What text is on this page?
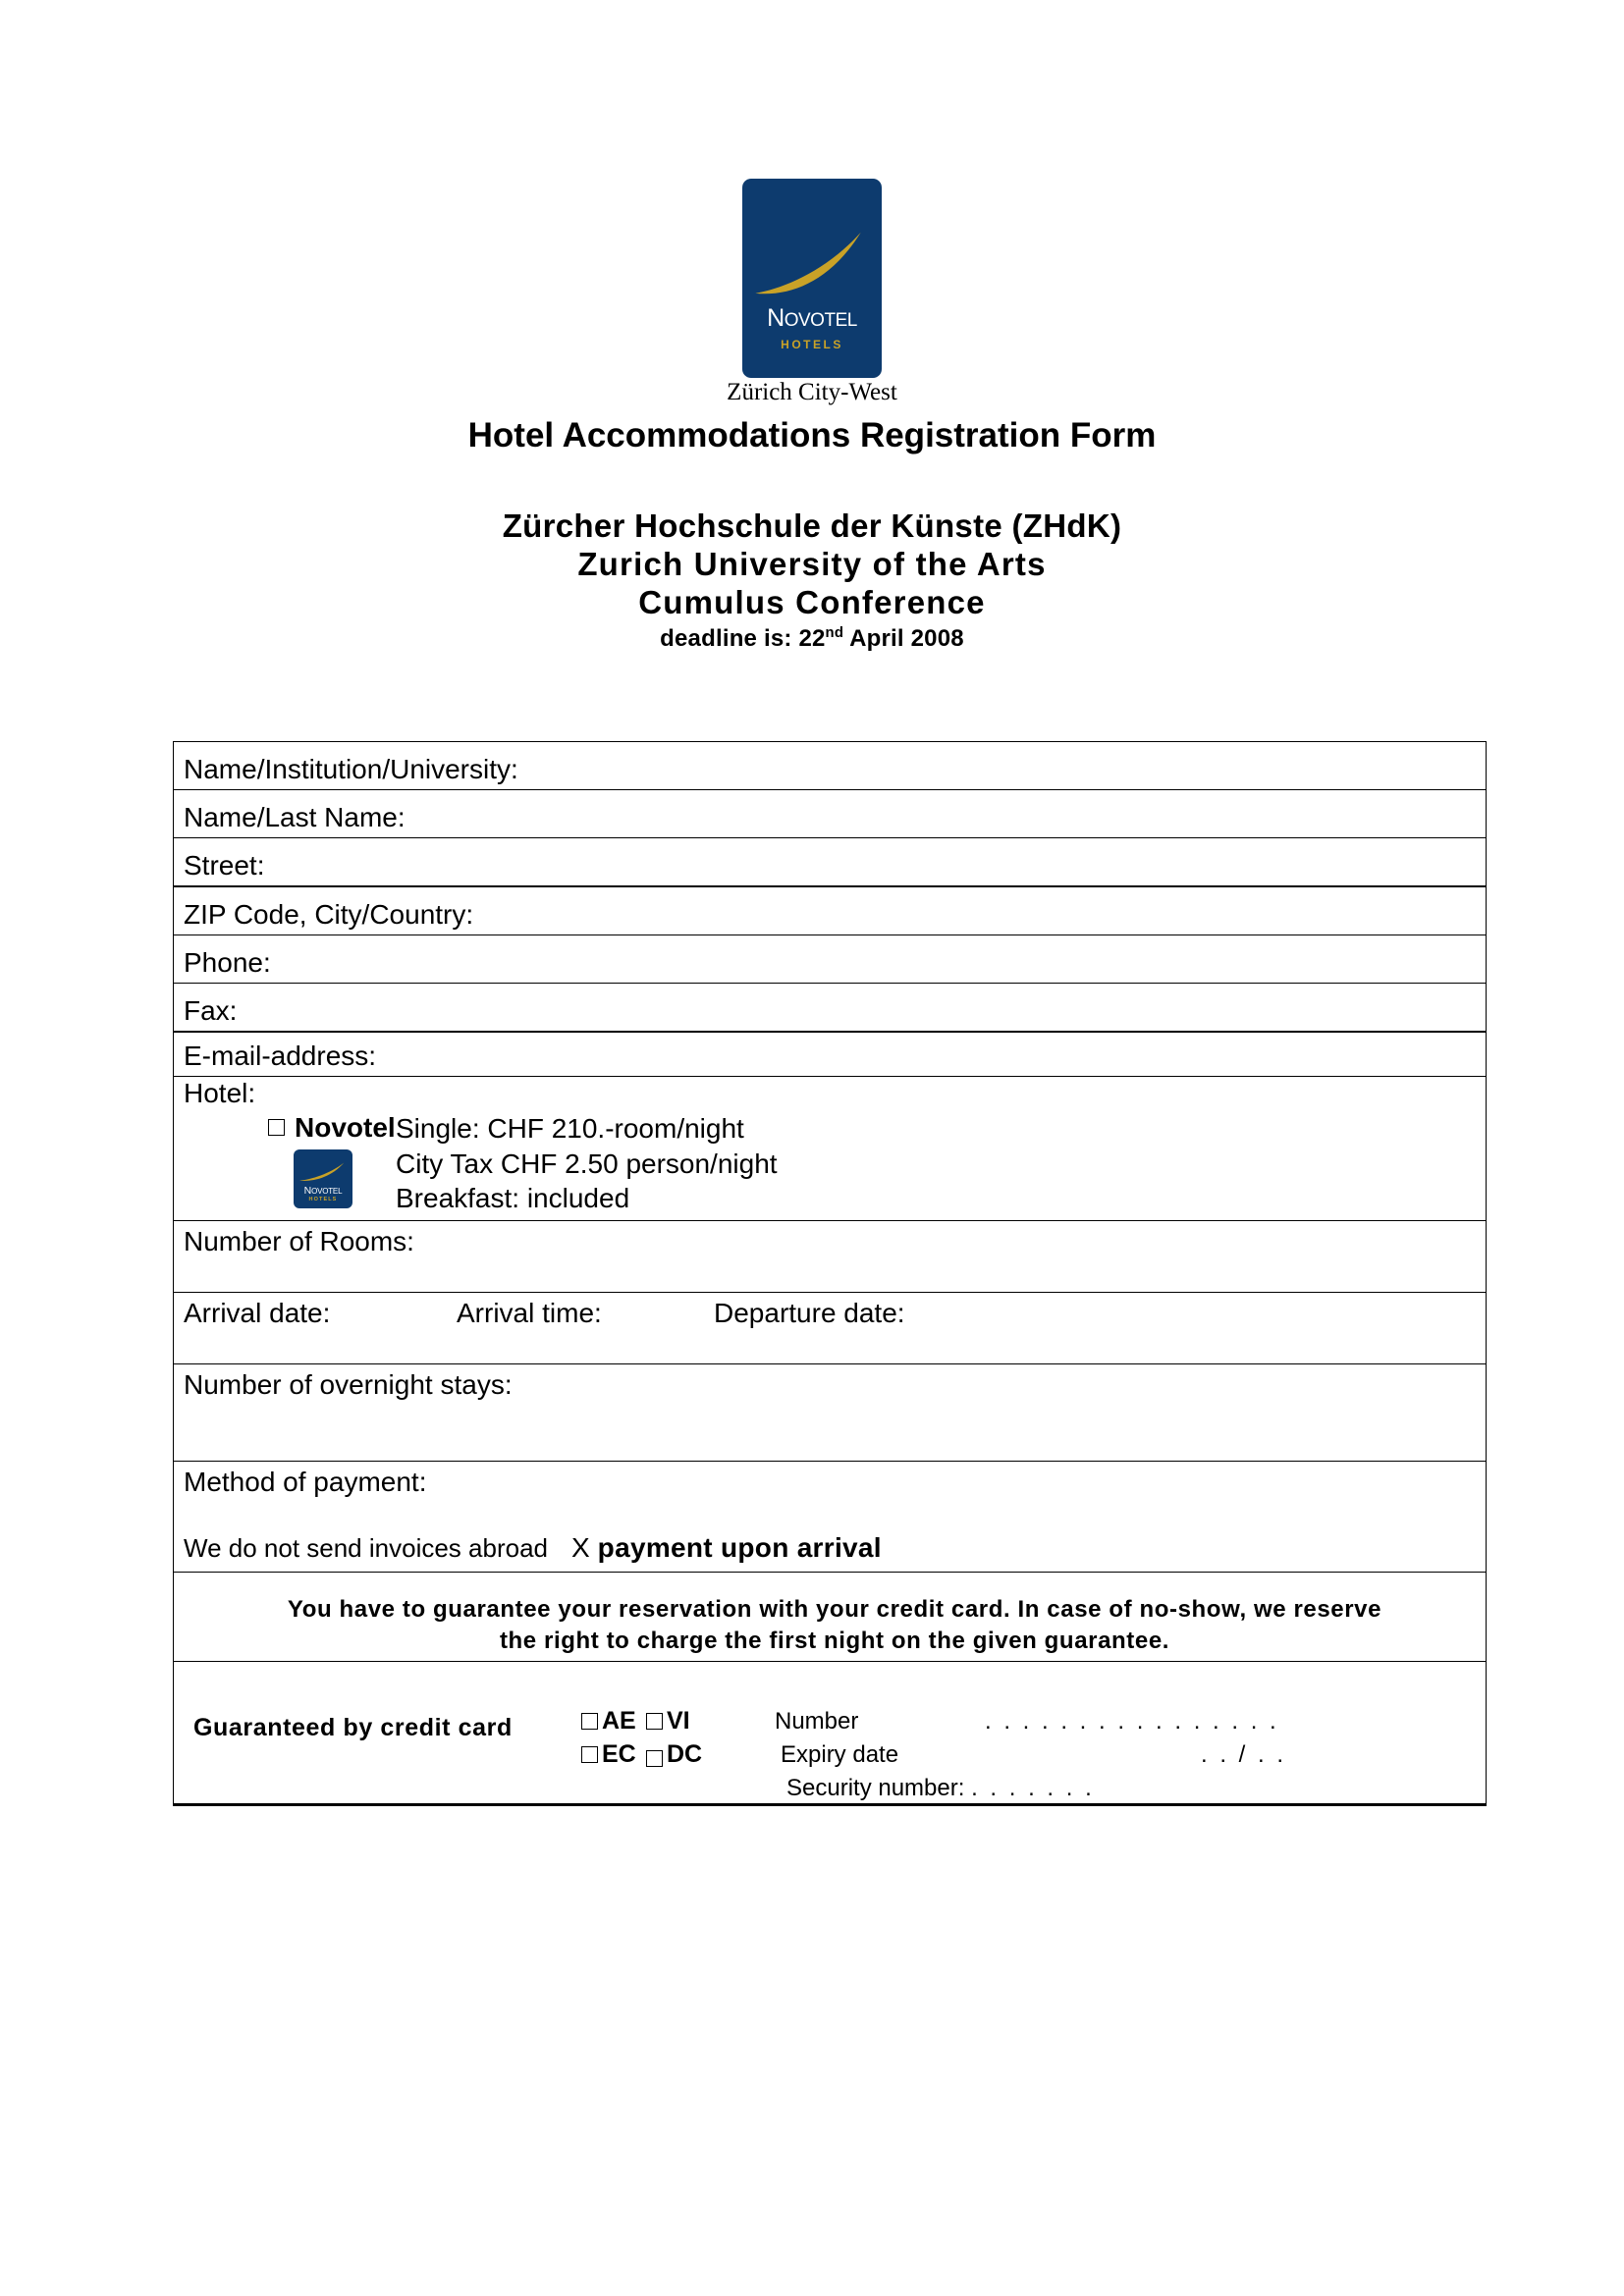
NOVOTEL
HOTELS
Zürich City-West
Hotel Accommodations Registration Form
Zürcher Hochschule der Künste (ZHdK)
Zurich University of the Arts
Cumulus Conference
deadline is: 22nd April 2008
Name/Institution/University:
Name/Last Name:
Street:
ZIP Code, City/Country:
Phone:
Fax:
E-mail-address:

Hotel:
Novotel
NOVOTEL
HOTELS
Single: CHF 210.-room/night
City Tax CHF 2.50 person/night
Breakfast: included

Number of Rooms:

Arrival date:	Arrival time:	Departure date:

Number of overnight stays:

Method of payment:
We do not send invoices abroad X payment upon arrival

You have to guarantee your reservation with your credit card. In case of no-show, we reserve
the right to charge the first night on the given guarantee.

Guaranteed by credit card	AE VI
EC DC
Number	. . . . . . . . . . . . . . . .
Expiry date	. . / . .
Security number: . . . . . . .
